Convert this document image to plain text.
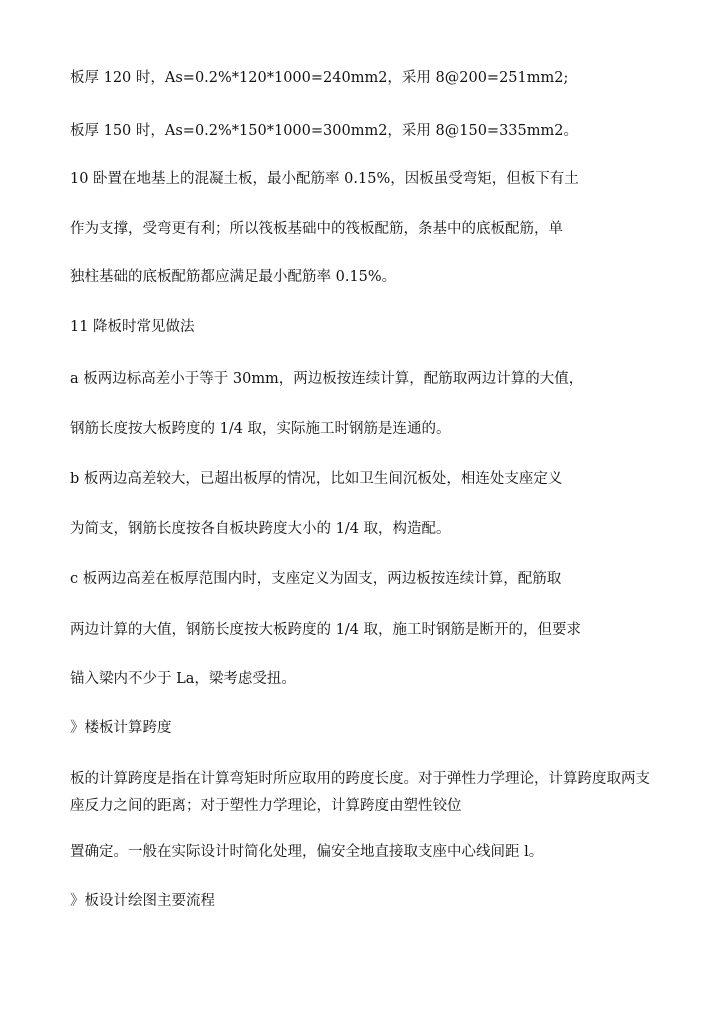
板厚 120 时，As=0.2%*120*1000=240mm2，采用 8@200=251mm2;
板厚 150 时，As=0.2%*150*1000=300mm2，采用 8@150=335mm2。
10 卧置在地基上的混凝土板，最小配筋率 0.15%，因板虽受弯矩，但板下有土
作为支撑，受弯更有利；所以筏板基础中的筏板配筋，条基中的底板配筋，单
独柱基础的底板配筋都应满足最小配筋率 0.15%。
11 降板时常见做法
a 板两边标高差小于等于 30mm，两边板按连续计算，配筋取两边计算的大值，
钢筋长度按大板跨度的 1/4 取，实际施工时钢筋是连通的。
b 板两边高差较大，已超出板厚的情况，比如卫生间沉板处，相连处支座定义
为简支，钢筋长度按各自板块跨度大小的 1/4 取，构造配。
c 板两边高差在板厚范围内时，支座定义为固支，两边板按连续计算，配筋取
两边计算的大值，钢筋长度按大板跨度的 1/4 取，施工时钢筋是断开的，但要求
锚入梁内不少于 La，梁考虑受扭。
》楼板计算跨度
板的计算跨度是指在计算弯矩时所应取用的跨度长度。对于弹性力学理论，计算跨度取两支座反力之间的距离；对于塑性力学理论，计算跨度由塑性铰位
置确定。一般在实际设计时简化处理，偏安全地直接取支座中心线间距 l。
》板设计绘图主要流程
